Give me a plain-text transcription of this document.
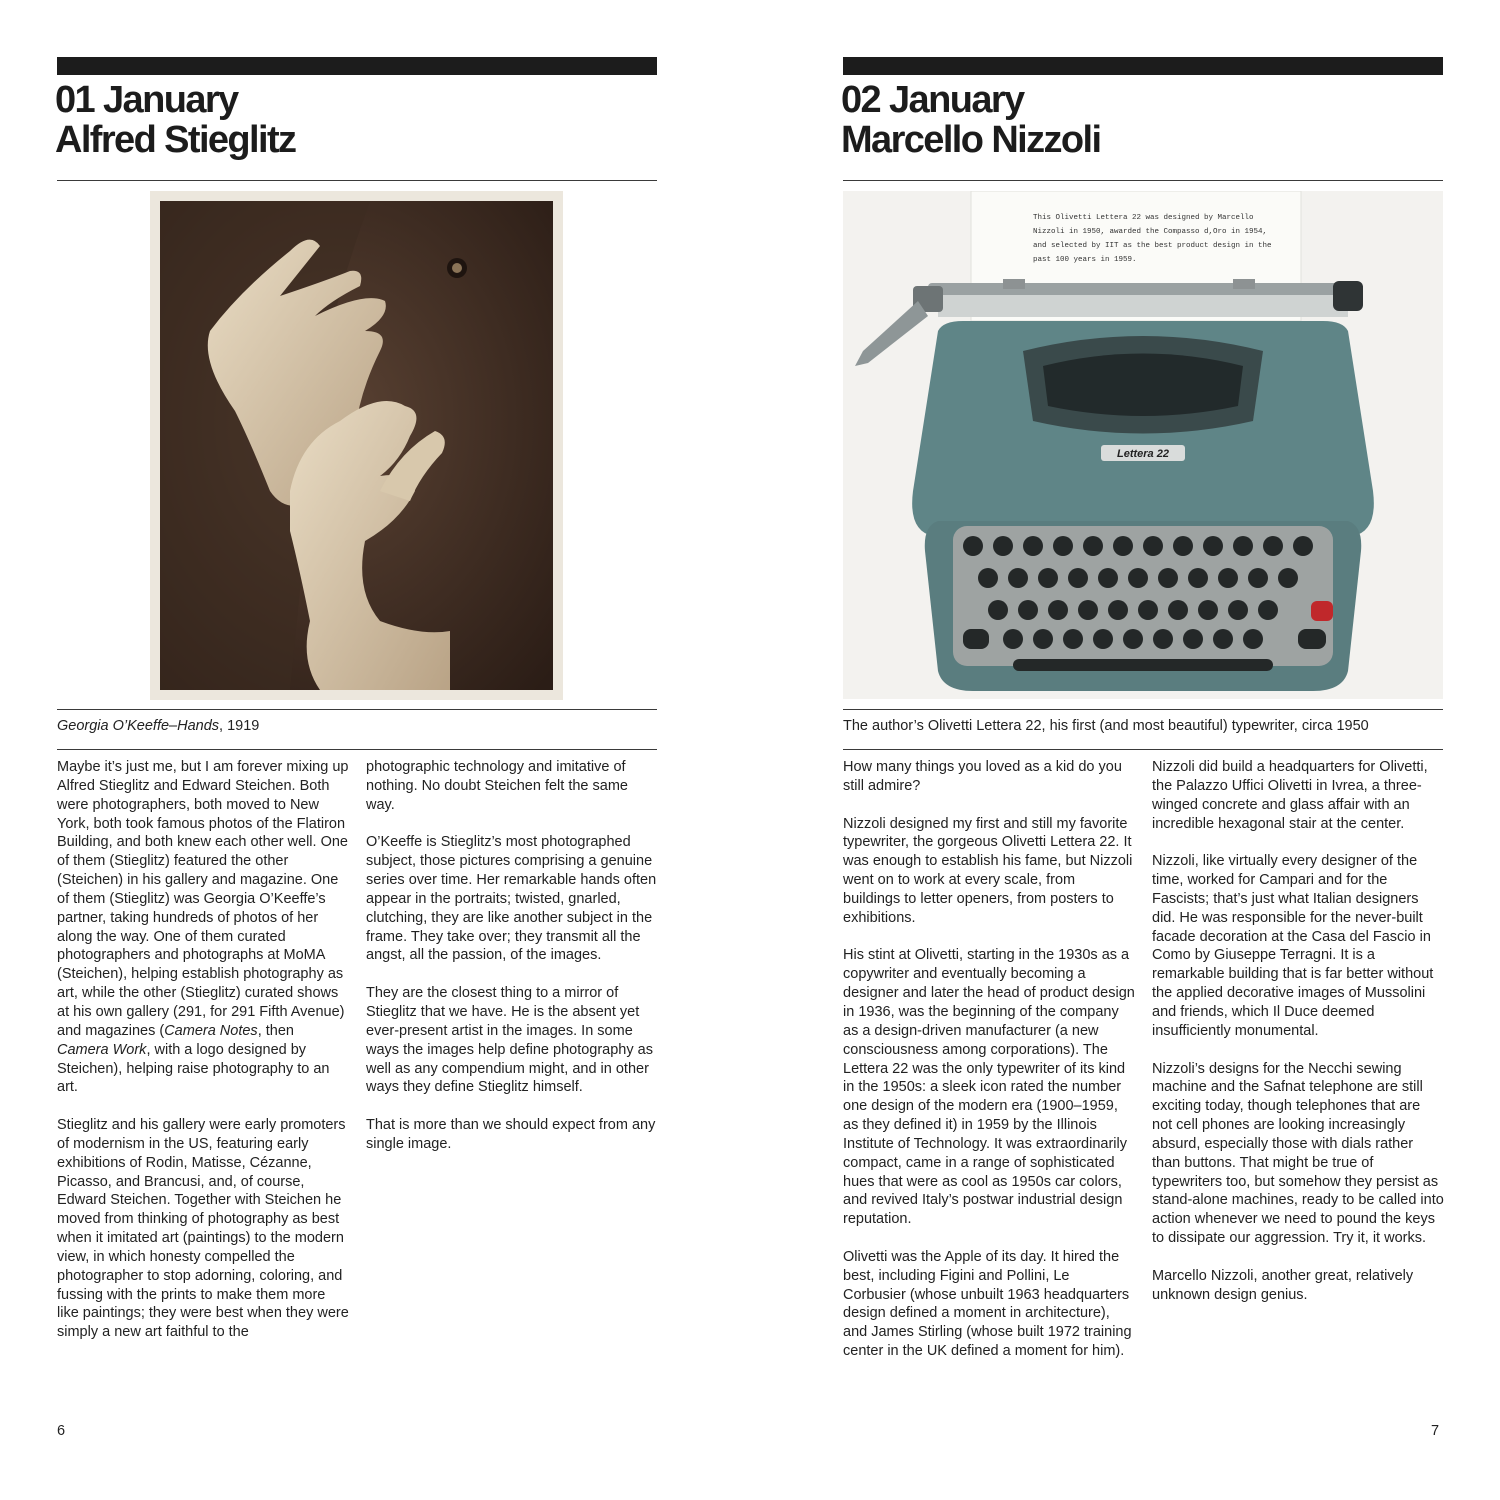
01 January
Alfred Stieglitz
Georgia O’Keeffe–Hands, 1919

Maybe it’s just me, but I am forever mixing up Alfred Stieglitz and Edward Steichen. Both were photographers, both moved to New York, both took famous photos of the Flatiron Building, and both knew each other well. One of them (Stieglitz) featured the other (Steichen) in his gallery and magazine. One of them (Stieglitz) was Georgia O’Keeffe’s partner, taking hundreds of photos of her along the way. One of them curated photographers and photographs at MoMA (Steichen), helping establish photography as art, while the other (Stieglitz) curated shows at his own gallery (291, for 291 Fifth Avenue) and magazines (Camera Notes, then Camera Work, with a logo designed by Steichen), helping raise photography to an art.

Stieglitz and his gallery were early promoters of modernism in the US, featuring early exhibitions of Rodin, Matisse, Cézanne, Picasso, and Brancusi, and, of course, Edward Steichen. Together with Steichen he moved from thinking of photography as best when it imitated art (paintings) to the modern view, in which honesty compelled the photographer to stop adorning, coloring, and fussing with the prints to make them more like paintings; they were best when they were simply a new art faithful to the

photographic technology and imitative of nothing. No doubt Steichen felt the same way.

O’Keeffe is Stieglitz’s most photographed subject, those pictures comprising a genuine series over time. Her remarkable hands often appear in the portraits; twisted, gnarled, clutching, they are like another subject in the frame. They take over; they transmit all the angst, all the passion, of the images.

They are the closest thing to a mirror of Stieglitz that we have. He is the absent yet ever-present artist in the images. In some ways the images help define photography as well as any compendium might, and in other ways they define Stieglitz himself.

That is more than we should expect from any single image.

6
02 January
Marcello Nizzoli
This Olivetti Lettera 22 was designed by Marcello Nizzoli in 1950, awarded the Compasso d,Oro in 1954, and selected by IIT as the best product design in the past 100 years in 1959.
Lettera 22
The author’s Olivetti Lettera 22, his first (and most beautiful) typewriter, circa 1950

How many things you loved as a kid do you still admire?

Nizzoli designed my first and still my favorite typewriter, the gorgeous Olivetti Lettera 22. It was enough to establish his fame, but Nizzoli went on to work at every scale, from buildings to letter openers, from posters to exhibitions.

His stint at Olivetti, starting in the 1930s as a copywriter and eventually becoming a designer and later the head of product design in 1936, was the beginning of the company as a design-driven manufacturer (a new consciousness among corporations). The Lettera 22 was the only typewriter of its kind in the 1950s: a sleek icon rated the number one design of the modern era (1900–1959, as they defined it) in 1959 by the Illinois Institute of Technology. It was extraordinarily compact, came in a range of sophisticated hues that were as cool as 1950s car colors, and revived Italy’s postwar industrial design reputation.

Olivetti was the Apple of its day. It hired the best, including Figini and Pollini, Le Corbusier (whose unbuilt 1963 headquarters design defined a moment in architecture), and James Stirling (whose built 1972 training center in the UK defined a moment for him).

Nizzoli did build a headquarters for Olivetti, the Palazzo Uffici Olivetti in Ivrea, a three-winged concrete and glass affair with an incredible hexagonal stair at the center.

Nizzoli, like virtually every designer of the time, worked for Campari and for the Fascists; that’s just what Italian designers did. He was responsible for the never-built facade decoration at the Casa del Fascio in Como by Giuseppe Terragni. It is a remarkable building that is far better without the applied decorative images of Mussolini and friends, which Il Duce deemed insufficiently monumental.

Nizzoli’s designs for the Necchi sewing machine and the Safnat telephone are still exciting today, though telephones that are not cell phones are looking increasingly absurd, especially those with dials rather than buttons. That might be true of typewriters too, but somehow they persist as stand-alone machines, ready to be called into action whenever we need to pound the keys to dissipate our aggression. Try it, it works.

Marcello Nizzoli, another great, relatively unknown design genius.

7
